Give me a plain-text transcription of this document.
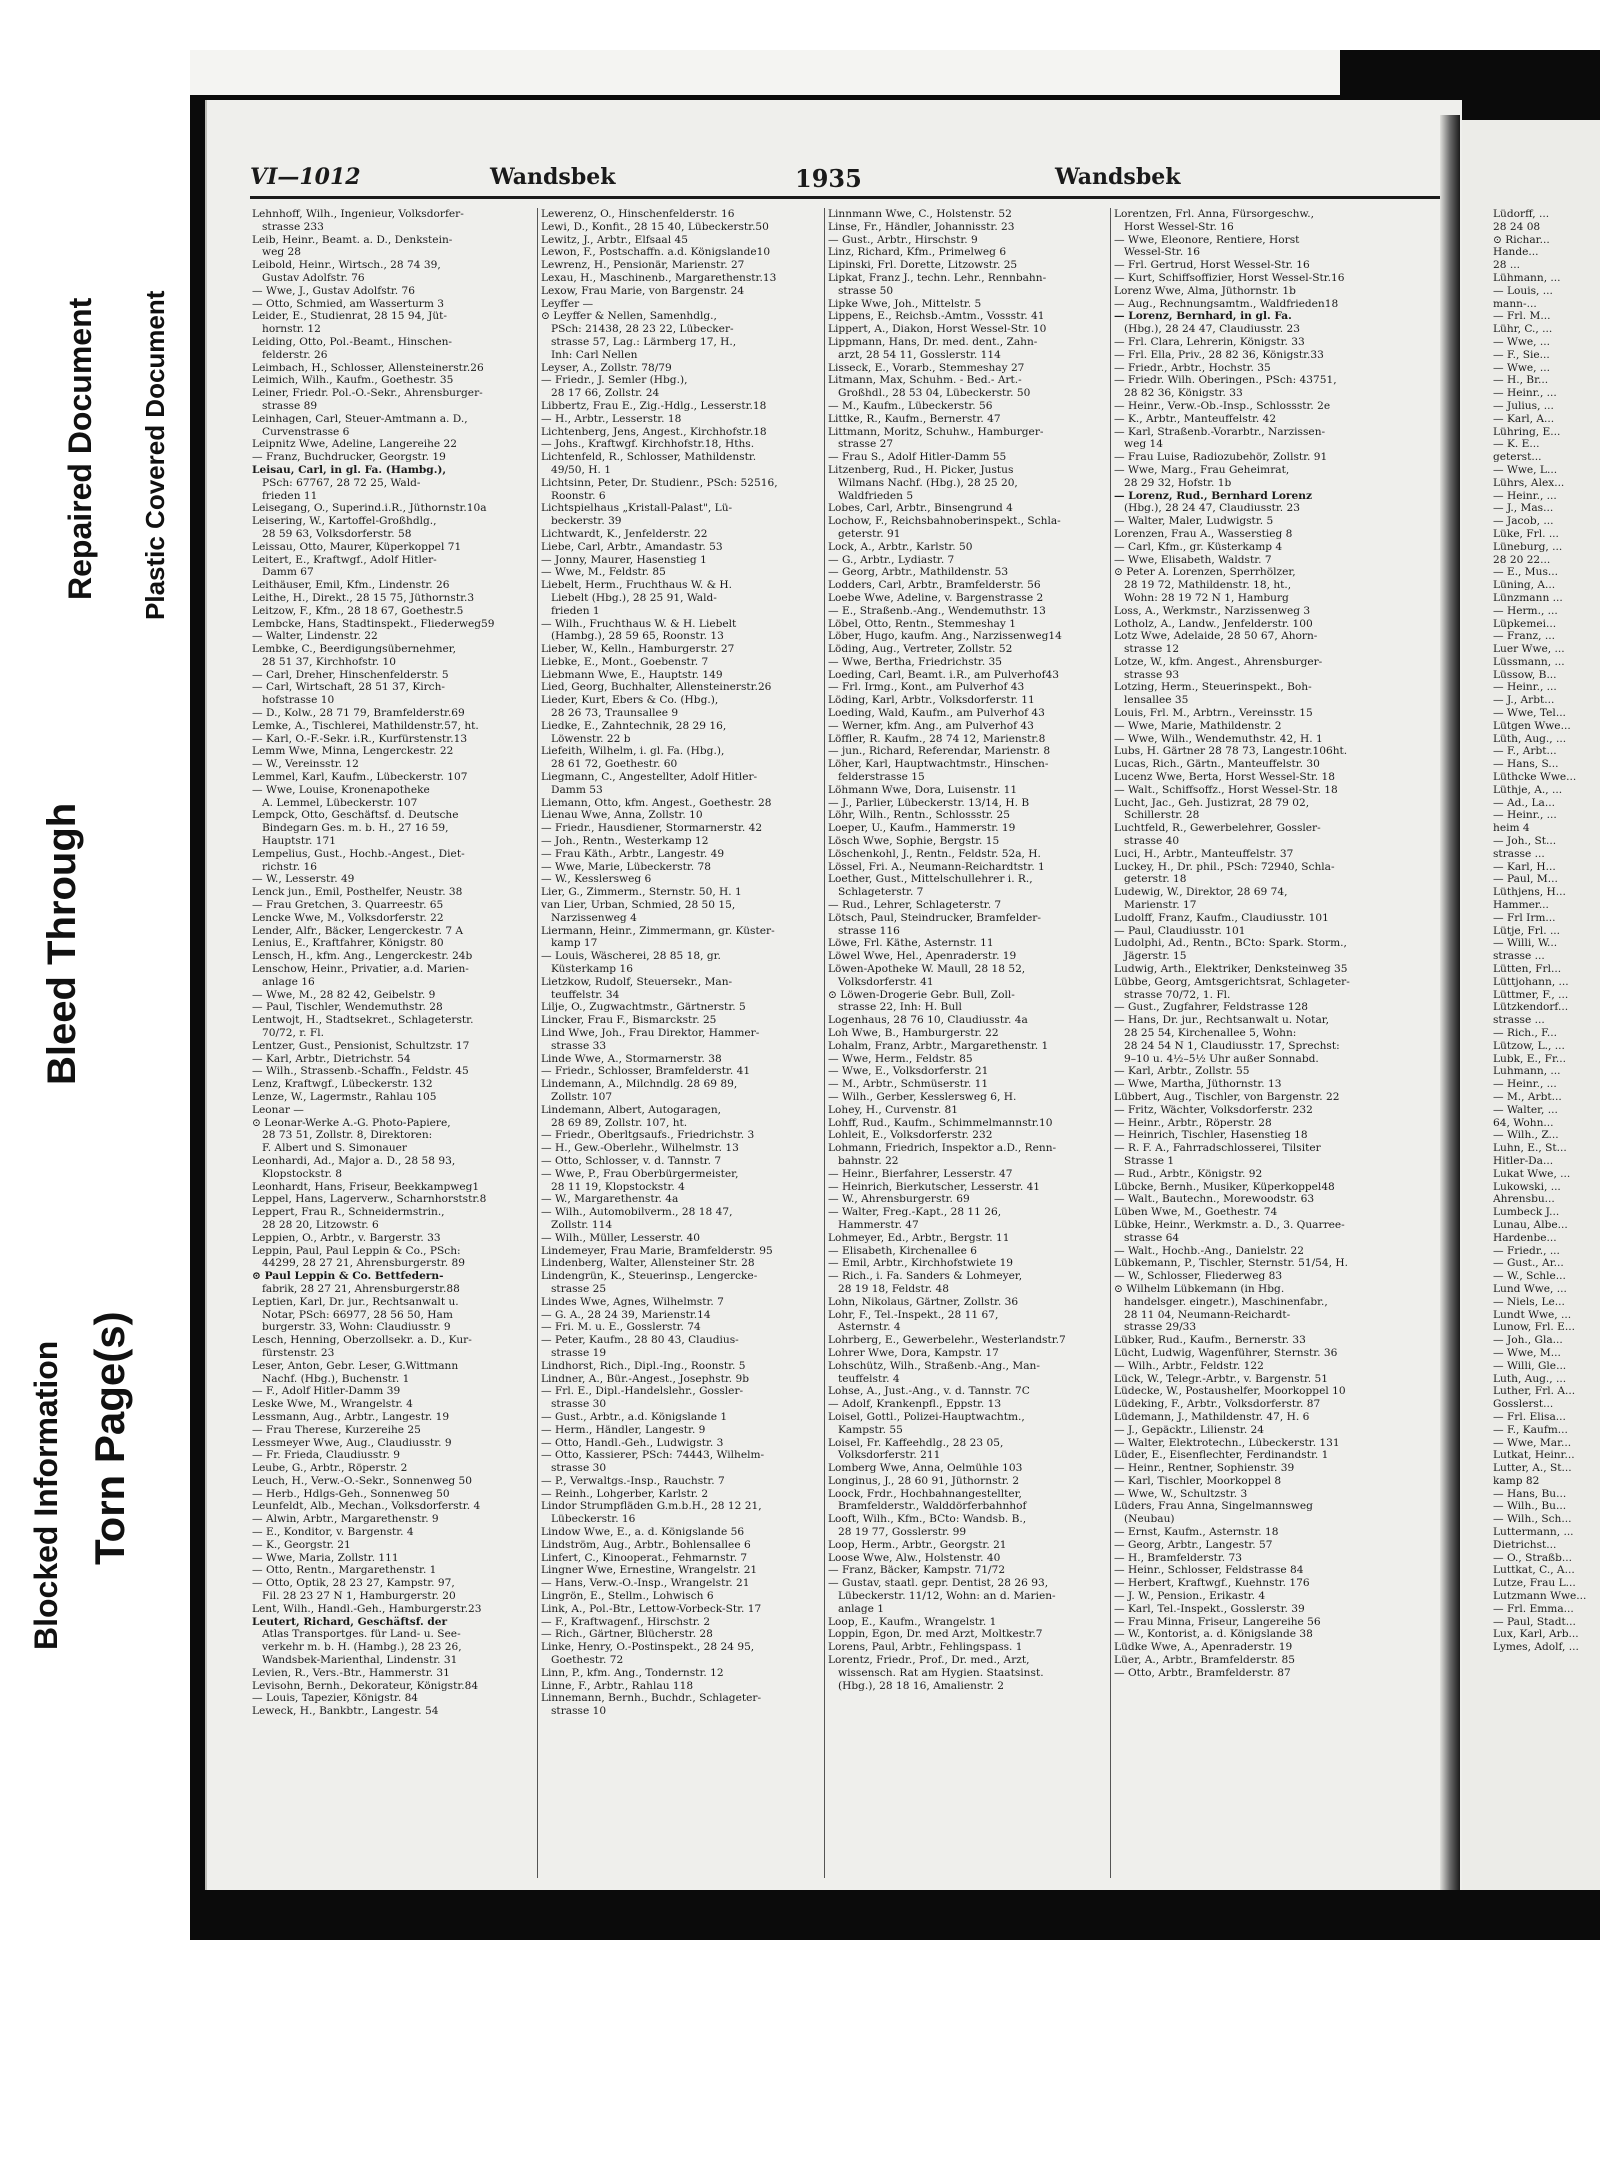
Torn Page(s)
Blocked Information
Bleed Through
Repaired Document Plastic Covered Document
VI—1012	Wandsbek	1935	Wandsbek
Lehnhoff, Wilh., Ingenieur, Volksdorfer-
strasse 233
Leib, Heinr., Beamt. a. D., Denkstein-
weg 28
Leibold, Heinr., Wirtsch., 28 74 39,
Gustav Adolfstr. 76
— Wwe, J., Gustav Adolfstr. 76
— Otto, Schmied, am Wasserturm 3
Leider, E., Studienrat, 28 15 94, Jüt-
hornstr. 12
Leiding, Otto, Pol.-Beamt., Hinschen-
felderstr. 26
Leimbach, H., Schlosser, Allensteinerstr.26
Leimich, Wilh., Kaufm., Goethestr. 35
Leiner, Friedr. Pol.-O.-Sekr., Ahrensburger-
strasse 89
Leinhagen, Carl, Steuer-Amtmann a. D.,
Curvenstrasse 6
Leipnitz Wwe, Adeline, Langereihe 22
— Franz, Buchdrucker, Georgstr. 19
Leisau, Carl, in gl. Fa. (Hambg.),
PSch: 67767, 28 72 25, Wald-
frieden 11
Leisegang, O., Superind.i.R., Jüthornstr.10a
Leisering, W., Kartoffel-Großhdlg.,
28 59 63, Volksdorferstr. 58
Leissau, Otto, Maurer, Küperkoppel 71
Leitert, E., Kraftwgf., Adolf Hitler-
Damm 67
Leithäuser, Emil, Kfm., Lindenstr. 26
Leithe, H., Direkt., 28 15 75, Jüthornstr.3
Leitzow, F., Kfm., 28 18 67, Goethestr.5
Lembcke, Hans, Stadtinspekt., Fliederweg59
— Walter, Lindenstr. 22
Lembke, C., Beerdigungsübernehmer,
28 51 37, Kirchhofstr. 10
— Carl, Dreher, Hinschenfelderstr. 5
— Carl, Wirtschaft, 28 51 37, Kirch-
hofstrasse 10
— D., Kolw., 28 71 79, Bramfelderstr.69
Lemke, A., Tischlerei, Mathildenstr.57, ht.
— Karl, O.-F.-Sekr. i.R., Kurfürstenstr.13
Lemm Wwe, Minna, Lengerckestr. 22
— W., Vereinsstr. 12
Lemmel, Karl, Kaufm., Lübeckerstr. 107
— Wwe, Louise, Kronenapotheke
A. Lemmel, Lübeckerstr. 107
Lempck, Otto, Geschäftsf. d. Deutsche
Bindegarn Ges. m. b. H., 27 16 59,
Hauptstr. 171
Lempelius, Gust., Hochb.-Angest., Diet-
richstr. 16
— W., Lesserstr. 49
Lenck jun., Emil, Posthelfer, Neustr. 38
— Frau Gretchen, 3. Quarreestr. 65
Lencke Wwe, M., Volksdorferstr. 22
Lender, Alfr., Bäcker, Lengerckestr. 7 A
Lenius, E., Kraftfahrer, Königstr. 80
Lensch, H., kfm. Ang., Lengerckestr. 24b
Lenschow, Heinr., Privatier, a.d. Marien-
anlage 16
— Wwe, M., 28 82 42, Geibelstr. 9
— Paul, Tischler, Wendemuthstr. 28
Lentwojt, H., Stadtsekret., Schlageterstr.
70/72, r. Fl.
Lentzer, Gust., Pensionist, Schultzstr. 17
— Karl, Arbtr., Dietrichstr. 54
— Wilh., Strassenb.-Schaffn., Feldstr. 45
Lenz, Kraftwgf., Lübeckerstr. 132
Lenze, W., Lagermstr., Rahlau 105
Leonar —
⊙ Leonar-Werke A.-G. Photo-Papiere,
28 73 51, Zollstr. 8, Direktoren:
F. Albert und S. Simonauer
Leonhardi, Ad., Major a. D., 28 58 93,
Klopstockstr. 8
Leonhardt, Hans, Friseur, Beekkampweg1
Leppel, Hans, Lagerverw., Scharnhorststr.8
Leppert, Frau R., Schneidermstrin.,
28 28 20, Litzowstr. 6
Leppien, O., Arbtr., v. Bargerstr. 33
Leppin, Paul, Paul Leppin & Co., PSch:
44299, 28 27 21, Ahrensburgerstr. 89
⊙ Paul Leppin & Co. Bettfedern-
fabrik, 28 27 21, Ahrensburgerstr.88
Leptien, Karl, Dr. jur., Rechtsanwalt u.
Notar, PSch: 66977, 28 56 50, Ham
burgerstr. 33, Wohn: Claudiusstr. 9
Lesch, Henning, Oberzollsekr. a. D., Kur-
fürstenstr. 23
Leser, Anton, Gebr. Leser, G.Wittmann
Nachf. (Hbg.), Buchenstr. 1
— F., Adolf Hitler-Damm 39
Leske Wwe, M., Wrangelstr. 4
Lessmann, Aug., Arbtr., Langestr. 19
— Frau Therese, Kurzereihe 25
Lessmeyer Wwe, Aug., Claudiusstr. 9
— Fr. Frieda, Claudiusstr. 9
Leube, G., Arbtr., Röperstr. 2
Leuch, H., Verw.-O.-Sekr., Sonnenweg 50
— Herb., Hdlgs-Geh., Sonnenweg 50
Leunfeldt, Alb., Mechan., Volksdorferstr. 4
— Alwin, Arbtr., Margarethenstr. 9
— E., Konditor, v. Bargenstr. 4
— K., Georgstr. 21
— Wwe, Maria, Zollstr. 111
— Otto, Rentn., Margarethenstr. 1
— Otto, Optik, 28 23 27, Kampstr. 97,
Fil. 28 23 27 N 1, Hamburgerstr. 20
Lent, Wilh., Handl.-Geh., Hamburgerstr.23
Leutert, Richard, Geschäftsf. der
Atlas Transportges. für Land- u. See-
verkehr m. b. H. (Hambg.), 28 23 26,
Wandsbek-Marienthal, Lindenstr. 31
Levien, R., Vers.-Btr., Hammerstr. 31
Levisohn, Bernh., Dekorateur, Königstr.84
— Louis, Tapezier, Königstr. 84
Leweck, H., Bankbtr., Langestr. 54
Lewerenz, O., Hinschenfelderstr. 16
Lewi, D., Konfit., 28 15 40, Lübeckerstr.50
Lewitz, J., Arbtr., Elfsaal 45
Lewon, F., Postschaffn. a.d. Königslande10
Lewrenz, H., Pensionär, Marienstr. 27
Lexau, H., Maschinenb., Margarethenstr.13
Lexow, Frau Marie, von Bargenstr. 24
Leyffer —
⊙ Leyffer & Nellen, Samenhdlg.,
PSch: 21438, 28 23 22, Lübecker-
strasse 57, Lag.: Lärmberg 17, H.,
Inh: Carl Nellen
Leyser, A., Zollstr. 78/79
— Friedr., J. Semler (Hbg.),
28 17 66, Zollstr. 24
Libbertz, Frau E., Zig.-Hdlg., Lesserstr.18
— H., Arbtr., Lesserstr. 18
Lichtenberg, Jens, Angest., Kirchhofstr.18
— Johs., Kraftwgf. Kirchhofstr.18, Hths.
Lichtenfeld, R., Schlosser, Mathildenstr.
49/50, H. 1
Lichtsinn, Peter, Dr. Studienr., PSch: 52516,
Roonstr. 6
Lichtspielhaus „Kristall-Palast", Lü-
beckerstr. 39
Lichtwardt, K., Jenfelderstr. 22
Liebe, Carl, Arbtr., Amandastr. 53
— Jonny, Maurer, Hasenstieg 1
— Wwe, M., Feldstr. 85
Liebelt, Herm., Fruchthaus W. & H.
Liebelt (Hbg.), 28 25 91, Wald-
frieden 1
— Wilh., Fruchthaus W. & H. Liebelt
(Hambg.), 28 59 65, Roonstr. 13
Lieber, W., Kelln., Hamburgerstr. 27
Liebke, E., Mont., Goebenstr. 7
Liebmann Wwe, E., Hauptstr. 149
Lied, Georg, Buchhalter, Allensteinerstr.26
Lieder, Kurt, Ebers & Co. (Hbg.),
28 26 73, Traunsallee 9
Liedke, E., Zahntechnik, 28 29 16,
Löwenstr. 22 b
Liefeith, Wilhelm, i. gl. Fa. (Hbg.),
28 61 72, Goethestr. 60
Liegmann, C., Angestellter, Adolf Hitler-
Damm 53
Liemann, Otto, kfm. Angest., Goethestr. 28
Lienau Wwe, Anna, Zollstr. 10
— Friedr., Hausdiener, Stormarnerstr. 42
— Joh., Rentn., Westerkamp 12
— Frau Käth., Arbtr., Langestr. 49
— Wwe, Marie, Lübeckerstr. 78
— W., Kesslersweg 6
Lier, G., Zimmerm., Sternstr. 50, H. 1
van Lier, Urban, Schmied, 28 50 15,
Narzissenweg 4
Liermann, Heinr., Zimmermann, gr. Küster-
kamp 17
— Louis, Wäscherei, 28 85 18, gr.
Küsterkamp 16
Lietzkow, Rudolf, Steuersekr., Man-
teuffelstr. 34
Lilje, O., Zugwachtmstr., Gärtnerstr. 5
Lincker, Frau F., Bismarckstr. 25
Lind Wwe, Joh., Frau Direktor, Hammer-
strasse 33
Linde Wwe, A., Stormarnerstr. 38
— Friedr., Schlosser, Bramfelderstr. 41
Lindemann, A., Milchndlg. 28 69 89,
Zollstr. 107
Lindemann, Albert, Autogaragen,
28 69 89, Zollstr. 107, ht.
— Friedr., Oberltgsaufs., Friedrichstr. 3
— H., Gew.-Oberlehr., Wilhelmstr. 13
— Otto, Schlosser, v. d. Tannstr. 7
— Wwe, P., Frau Oberbürgermeister,
28 11 19, Klopstockstr. 4
— W., Margarethenstr. 4a
— Wilh., Automobilverm., 28 18 47,
Zollstr. 114
— Wilh., Müller, Lesserstr. 40
Lindemeyer, Frau Marie, Bramfelderstr. 95
Lindenberg, Walter, Allensteiner Str. 28
Lindengrün, K., Steuerinsp., Lengercke-
strasse 25
Lindes Wwe, Agnes, Wilhelmstr. 7
— G. A., 28 24 39, Marienstr.14
— Fri. M. u. E., Gosslerstr. 74
— Peter, Kaufm., 28 80 43, Claudius-
strasse 19
Lindhorst, Rich., Dipl.-Ing., Roonstr. 5
Lindner, A., Bür.-Angest., Josephstr. 9b
— Frl. E., Dipl.-Handelslehr., Gossler-
strasse 30
— Gust., Arbtr., a.d. Königslande 1
— Herm., Händler, Langestr. 9
— Otto, Handl.-Geh., Ludwigstr. 3
— Otto, Kassierer, PSch: 74443, Wilhelm-
strasse 30
— P., Verwaltgs.-Insp., Rauchstr. 7
— Reinh., Lohgerber, Karlstr. 2
Lindor Strumpfläden G.m.b.H., 28 12 21,
Lübeckerstr. 16
Lindow Wwe, E., a. d. Königslande 56
Lindström, Aug., Arbtr., Bohlensallee 6
Linfert, C., Kinooperat., Fehmarnstr. 7
Lingner Wwe, Ernestine, Wrangelstr. 21
— Hans, Verw.-O.-Insp., Wrangelstr. 21
Lingrön, E., Stellm., Lohwisch 6
Link, A., Pol.-Btr., Lettow-Vorbeck-Str. 17
— F., Kraftwagenf., Hirschstr. 2
— Rich., Gärtner, Blücherstr. 28
Linke, Henry, O.-Postinspekt., 28 24 95,
Goethestr. 72
Linn, P., kfm. Ang., Tondernstr. 12
Linne, F., Arbtr., Rahlau 118
Linnemann, Bernh., Buchdr., Schlageter-
strasse 10
Linnmann Wwe, C., Holstenstr. 52
Linse, Fr., Händler, Johannisstr. 23
— Gust., Arbtr., Hirschstr. 9
Linz, Richard, Kfm., Primelweg 6
Lipinski, Frl. Dorette, Litzowstr. 25
Lipkat, Franz J., techn. Lehr., Rennbahn-
strasse 50
Lipke Wwe, Joh., Mittelstr. 5
Lippens, E., Reichsb.-Amtm., Vossstr. 41
Lippert, A., Diakon, Horst Wessel-Str. 10
Lippmann, Hans, Dr. med. dent., Zahn-
arzt, 28 54 11, Gosslerstr. 114
Lisseck, E., Vorarb., Stemmeshay 27
Litmann, Max, Schuhm. - Bed.- Art.-
Großhdl., 28 53 04, Lübeckerstr. 50
— M., Kaufm., Lübeckerstr. 56
Littke, R., Kaufm., Bernerstr. 47
Littmann, Moritz, Schuhw., Hamburger-
strasse 27
— Frau S., Adolf Hitler-Damm 55
Litzenberg, Rud., H. Picker, Justus
Wilmans Nachf. (Hbg.), 28 25 20,
Waldfrieden 5
Lobes, Carl, Arbtr., Binsengrund 4
Lochow, F., Reichsbahnoberinspekt., Schla-
geterstr. 91
Lock, A., Arbtr., Karlstr. 50
— G., Arbtr., Lydiastr. 7
— Georg, Arbtr., Mathildenstr. 53
Lodders, Carl, Arbtr., Bramfelderstr. 56
Loebe Wwe, Adeline, v. Bargenstrasse 2
— E., Straßenb.-Ang., Wendemuthstr. 13
Löbel, Otto, Rentn., Stemmeshay 1
Löber, Hugo, kaufm. Ang., Narzissenweg14
Löding, Aug., Vertreter, Zollstr. 52
— Wwe, Bertha, Friedrichstr. 35
Loeding, Carl, Beamt. i.R., am Pulverhof43
— Frl. Irmg., Kont., am Pulverhof 43
Löding, Karl, Arbtr., Volksdorferstr. 11
Loeding, Wald, Kaufm., am Pulverhof 43
— Werner, kfm. Ang., am Pulverhof 43
Löffler, R. Kaufm., 28 74 12, Marienstr.8
— jun., Richard, Referendar, Marienstr. 8
Löher, Karl, Hauptwachtmstr., Hinschen-
felderstrasse 15
Löhmann Wwe, Dora, Luisenstr. 11
— J., Parlier, Lübeckerstr. 13/14, H. B
Löhr, Wilh., Rentn., Schlossstr. 25
Loeper, U., Kaufm., Hammerstr. 19
Lösch Wwe, Sophie, Bergstr. 15
Löschenkohl, J., Rentn., Feldstr. 52a, H.
Lössel, Fri. A., Neumann-Reichardtstr. 1
Loether, Gust., Mittelschullehrer i. R.,
Schlageterstr. 7
— Rud., Lehrer, Schlageterstr. 7
Lötsch, Paul, Steindrucker, Bramfelder-
strasse 116
Löwe, Frl. Käthe, Asternstr. 11
Löwel Wwe, Hel., Apenraderstr. 19
Löwen-Apotheke W. Maull, 28 18 52,
Volksdorferstr. 41
⊙ Löwen-Drogerie Gebr. Bull, Zoll-
strasse 22, Inh: H. Bull
Logenhaus, 28 76 10, Claudiusstr. 4a
Loh Wwe, B., Hamburgerstr. 22
Lohalm, Franz, Arbtr., Margarethenstr. 1
— Wwe, Herm., Feldstr. 85
— Wwe, E., Volksdorferstr. 21
— M., Arbtr., Schmüserstr. 11
— Wilh., Gerber, Kesslersweg 6, H.
Lohey, H., Curvenstr. 81
Lohff, Rud., Kaufm., Schimmelmannstr.10
Lohleit, E., Volksdorferstr. 232
Lohmann, Friedrich, Inspektor a.D., Renn-
bahnstr. 22
— Heinr., Bierfahrer, Lesserstr. 47
— Heinrich, Bierkutscher, Lesserstr. 41
— W., Ahrensburgerstr. 69
— Walter, Freg.-Kapt., 28 11 26,
Hammerstr. 47
Lohmeyer, Ed., Arbtr., Bergstr. 11
— Elisabeth, Kirchenallee 6
— Emil, Arbtr., Kirchhofstwiete 19
— Rich., i. Fa. Sanders & Lohmeyer,
28 19 18, Feldstr. 48
Lohn, Nikolaus, Gärtner, Zollstr. 36
Lohr, F., Tel.-Inspekt., 28 11 67,
Asternstr. 4
Lohrberg, E., Gewerbelehr., Westerlandstr.7
Lohrer Wwe, Dora, Kampstr. 17
Lohschütz, Wilh., Straßenb.-Ang., Man-
teuffelstr. 4
Lohse, A., Just.-Ang., v. d. Tannstr. 7C
— Adolf, Krankenpfl., Eppstr. 13
Loisel, Gottl., Polizei-Hauptwachtm.,
Kampstr. 55
Loisel, Fr. Kaffeehdlg., 28 23 05,
Volksdorferstr. 211
Lomberg Wwe, Anna, Oelmühle 103
Longinus, J., 28 60 91, Jüthornstr. 2
Loock, Frdr., Hochbahnangestellter,
Bramfelderstr., Walddörferbahnhof
Looft, Wilh., Kfm., BCto: Wandsb. B.,
28 19 77, Gosslerstr. 99
Loop, Herm., Arbtr., Georgstr. 21
Loose Wwe, Alw., Holstenstr. 40
— Franz, Bäcker, Kampstr. 71/72
— Gustav, staatl. gepr. Dentist, 28 26 93,
Lübeckerstr. 11/12, Wohn: an d. Marien-
anlage 1
Loop, E., Kaufm., Wrangelstr. 1
Loppin, Egon, Dr. med Arzt, Moltkestr.7
Lorens, Paul, Arbtr., Fehlingspass. 1
Lorentz, Friedr., Prof., Dr. med., Arzt,
wissensch. Rat am Hygien. Staatsinst.
(Hbg.), 28 18 16, Amalienstr. 2
Lorentzen, Frl. Anna, Fürsorgeschw.,
Horst Wessel-Str. 16
— Wwe, Eleonore, Rentiere, Horst
Wessel-Str. 16
— Frl. Gertrud, Horst Wessel-Str. 16
— Kurt, Schiffsoffizier, Horst Wessel-Str.16
Lorenz Wwe, Alma, Jüthornstr. 1b
— Aug., Rechnungsamtm., Waldfrieden18
— Lorenz, Bernhard, in gl. Fa.
(Hbg.), 28 24 47, Claudiusstr. 23
— Frl. Clara, Lehrerin, Königstr. 33
— Frl. Ella, Priv., 28 82 36, Königstr.33
— Friedr., Arbtr., Hochstr. 35
— Friedr. Wilh. Oberingen., PSch: 43751,
28 82 36, Königstr. 33
— Heinr., Verw.-Ob.-Insp., Schlossstr. 2e
— K., Arbtr., Manteuffelstr. 42
— Karl, Straßenb.-Vorarbtr., Narzissen-
weg 14
— Frau Luise, Radiozubehör, Zollstr. 91
— Wwe, Marg., Frau Geheimrat,
28 29 32, Hofstr. 1b
— Lorenz, Rud., Bernhard Lorenz
(Hbg.), 28 24 47, Claudiusstr. 23
— Walter, Maler, Ludwigstr. 5
Lorenzen, Frau A., Wasserstieg 8
— Carl, Kfm., gr. Küsterkamp 4
— Wwe, Elisabeth, Waldstr. 7
⊙ Peter A. Lorenzen, Sperrhölzer,
28 19 72, Mathildenstr. 18, ht.,
Wohn: 28 19 72 N 1, Hamburg
Loss, A., Werkmstr., Narzissenweg 3
Lotholz, A., Landw., Jenfelderstr. 100
Lotz Wwe, Adelaide, 28 50 67, Ahorn-
strasse 12
Lotze, W., kfm. Angest., Ahrensburger-
strasse 93
Lotzing, Herm., Steuerinspekt., Boh-
lensallee 35
Louis, Frl. M., Arbtrn., Vereinsstr. 15
— Wwe, Marie, Mathildenstr. 2
— Wwe, Wilh., Wendemuthstr. 42, H. 1
Lubs, H. Gärtner 28 78 73, Langestr.106ht.
Lucas, Rich., Gärtn., Manteuffelstr. 30
Lucenz Wwe, Berta, Horst Wessel-Str. 18
— Walt., Schiffsoffz., Horst Wessel-Str. 18
Lucht, Jac., Geh. Justizrat, 28 79 02,
Schillerstr. 28
Luchtfeld, R., Gewerbelehrer, Gossler-
strasse 40
Luci, H., Arbtr., Manteuffelstr. 37
Luckey, H., Dr. phil., PSch: 72940, Schla-
geterstr. 18
Ludewig, W., Direktor, 28 69 74,
Marienstr. 17
Ludolff, Franz, Kaufm., Claudiusstr. 101
— Paul, Claudiusstr. 101
Ludolphi, Ad., Rentn., BCto: Spark. Storm.,
Jägerstr. 15
Ludwig, Arth., Elektriker, Denksteinweg 35
Lübbe, Georg, Amtsgerichtsrat, Schlageter-
strasse 70/72, 1. Fl.
— Gust., Zugfahrer, Feldstrasse 128
— Hans, Dr. jur., Rechtsanwalt u. Notar,
28 25 54, Kirchenallee 5, Wohn:
28 24 54 N 1, Claudiusstr. 17, Sprechst:
9–10 u. 4½–5½ Uhr außer Sonnabd.
— Karl, Arbtr., Zollstr. 55
— Wwe, Martha, Jüthornstr. 13
Lübbert, Aug., Tischler, von Bargenstr. 22
— Fritz, Wächter, Volksdorferstr. 232
— Heinr., Arbtr., Röperstr. 28
— Heinrich, Tischler, Hasenstieg 18
— R. F. A., Fahrradschlosserei, Tilsiter
Strasse 1
— Rud., Arbtr., Königstr. 92
Lübcke, Bernh., Musiker, Küperkoppel48
— Walt., Bautechn., Morewoodstr. 63
Lüben Wwe, M., Goethestr. 74
Lübke, Heinr., Werkmstr. a. D., 3. Quarree-
strasse 64
— Walt., Hochb.-Ang., Danielstr. 22
Lübkemann, P., Tischler, Sternstr. 51/54, H.
— W., Schlosser, Fliederweg 83
⊙ Wilhelm Lübkemann (in Hbg.
handelsger. eingetr.), Maschinenfabr.,
28 11 04, Neumann-Reichardt-
strasse 29/33
Lübker, Rud., Kaufm., Bernerstr. 33
Lücht, Ludwig, Wagenführer, Sternstr. 36
— Wilh., Arbtr., Feldstr. 122
Lück, W., Telegr.-Arbtr., v. Bargenstr. 51
Lüdecke, W., Postaushelfer, Moorkoppel 10
Lüdeking, F., Arbtr., Volksdorferstr. 87
Lüdemann, J., Mathildenstr. 47, H. 6
— J., Gepäcktr., Lilienstr. 24
— Walter, Elektrotechn., Lübeckerstr. 131
Lüder, E., Eisenflechter, Ferdinandstr. 1
— Heinr., Rentner, Sophienstr. 39
— Karl, Tischler, Moorkoppel 8
— Wwe, W., Schultzstr. 3
Lüders, Frau Anna, Singelmannsweg
(Neubau)
— Ernst, Kaufm., Asternstr. 18
— Georg, Arbtr., Langestr. 57
— H., Bramfelderstr. 73
— Heinr., Schlosser, Feldstrasse 84
— Herbert, Kraftwgf., Kuehnstr. 176
— J. W., Pension., Erikastr. 4
— Karl, Tel.-Inspekt., Gosslerstr. 39
— Frau Minna, Friseur, Langereihe 56
— W., Kontorist, a. d. Königslande 38
Lüdke Wwe, A., Apenraderstr. 19
Lüer, A., Arbtr., Bramfelderstr. 85
— Otto, Arbtr., Bramfelderstr. 87
Lüdorff, ...
28 24 08
⊙ Richar...
Hande...
28 ...
Lühmann, ...
— Louis, ...
mann-...
— Frl. M...
Lühr, C., ...
— Wwe, ...
— F., Sie...
— Wwe, ...
— H., Br...
— Heinr., ...
— Julius, ...
— Karl, A...
Lühring, E...
— K. E...
geterst...
— Wwe, L...
Lührs, Alex...
— Heinr., ...
— J., Mas...
— Jacob, ...
Lüke, Frl. ...
Lüneburg, ...
28 20 22...
— E., Mus...
Lüning, A...
Lünzmann ...
— Herm., ...
Lüpkemei...
— Franz, ...
Luer Wwe, ...
Lüssmann, ...
Lüssow, B...
— Heinr., ...
— J., Arbt...
— Wwe, Tel...
Lütgen Wwe...
Lüth, Aug., ...
— F., Arbt...
— Hans, S...
Lüthcke Wwe...
Lüthje, A., ...
— Ad., La...
— Heinr., ...
heim 4
— Joh., St...
strasse ...
— Karl, H...
— Paul, M...
Lüthjens, H...
Hammer...
— Frl Irm...
Lütje, Frl. ...
— Willi, W...
strasse ...
Lütten, Frl...
Lüttjohann, ...
Lüttmer, F., ...
Lützkendorf...
strasse ...
— Rich., F...
Lützow, L., ...
Lubk, E., Fr...
Luhmann, ...
— Heinr., ...
— M., Arbt...
— Walter, ...
64, Wohn...
— Wilh., Z...
Luhn, E., St...
Hitler-Da...
Lukat Wwe, ...
Lukowski, ...
Ahrensbu...
Lumbeck J...
Lunau, Albe...
Hardenbe...
— Friedr., ...
— Gust., Ar...
— W., Schle...
Lund Wwe, ...
— Niels, Le...
Lundt Wwe, ...
Lunow, Frl. E...
— Joh., Gla...
— Wwe, M...
— Willi, Gle...
Luth, Aug., ...
Luther, Frl. A...
Gosslerst...
— Frl. Elisa...
— F., Kaufm...
— Wwe, Mar...
Lutkat, Heinr...
Lutter, A., St...
kamp 82
— Hans, Bu...
— Wilh., Bu...
— Wilh., Sch...
Luttermann, ...
Dietrichst...
— O., Straßb...
Luttkat, C., A...
Lutze, Frau L...
Lutzmann Wwe...
— Frl. Emma...
— Paul, Stadt...
Lux, Karl, Arb...
Lymes, Adolf, ...
